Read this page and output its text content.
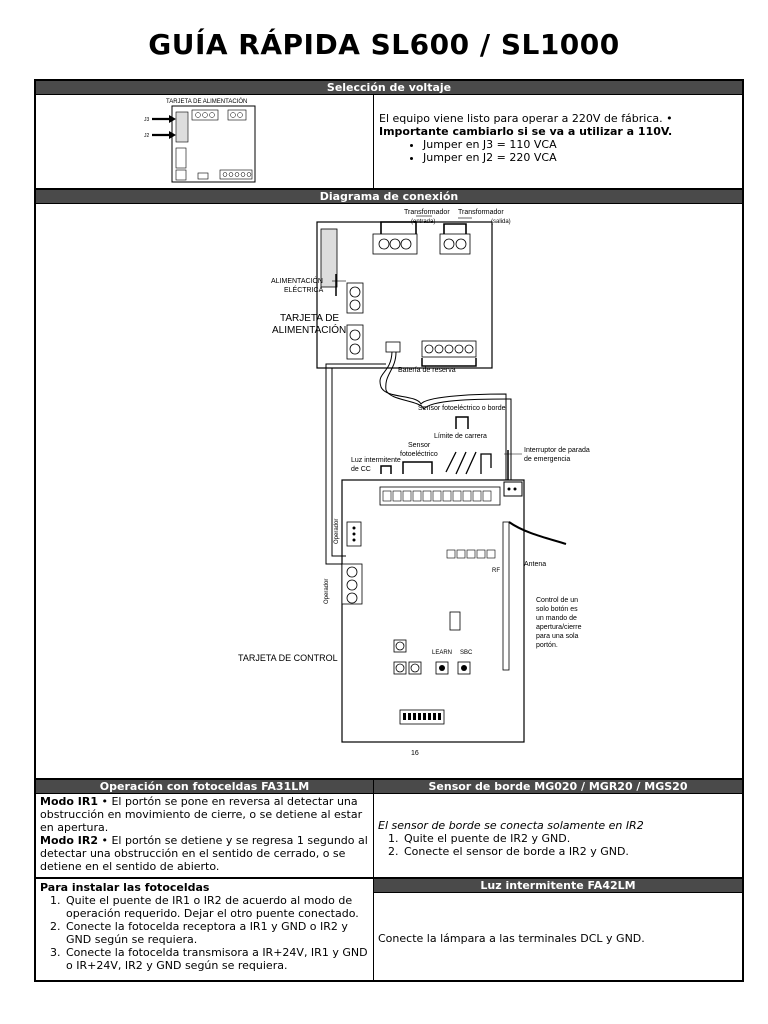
GUÍA RÁPIDA SL600 / SL1000
Selección de voltaje
TARJETA DE ALIMENTACIÓN
J3
J2
El equipo viene listo para operar a 220V de fábrica. • Importante cambiarlo si se va a utilizar a 110V.
• Jumper en J3 = 110 VCA
• Jumper en J2 = 220 VCA
Diagrama de conexión
Transformador
(entrada)
Transformador
(salida)
ALIMENTACIÓN
ELÉCTRICA
TARJETA DE
ALIMENTACIÓN
Batería de reserva
Sensor fotoeléctrico o borde
Límite de carrera
Sensor
fotoeléctrico
Luz intermitente
de CC
Interruptor de parada
de emergencia
RF
LEARN SBC
Antena
Operador
Operador	Control de un
solo botón es
un mando de
apertura/cierre
para una sola
portón.
TARJETA DE CONTROL
16
Operación con fotoceldas FA31LM
Modo IR1 • El portón se pone en reversa al detectar una obstrucción en movimiento de cierre, o se detiene al estar en apertura.
Modo IR2 • El portón se detiene y se regresa 1 segundo al detectar una obstrucción en el sentido de cerrado, o se detiene en el sentido de abierto.
Para instalar las fotoceldas
1. Quite el puente de IR1 o IR2 de acuerdo al modo de operación requerido. Dejar el otro puente conectado.
2. Conecte la fotocelda receptora a IR1 y GND o IR2 y GND según se requiera.
3. Conecte la fotocelda transmisora a IR+24V, IR1 y GND o IR+24V, IR2 y GND según se requiera.
Sensor de borde MG020 / MGR20 / MGS20
El sensor de borde se conecta solamente en IR2
1. Quite el puente de IR2 y GND.
2. Conecte el sensor de borde a IR2 y GND.
Luz intermitente FA42LM
Conecte la lámpara a las terminales DCL y GND.
